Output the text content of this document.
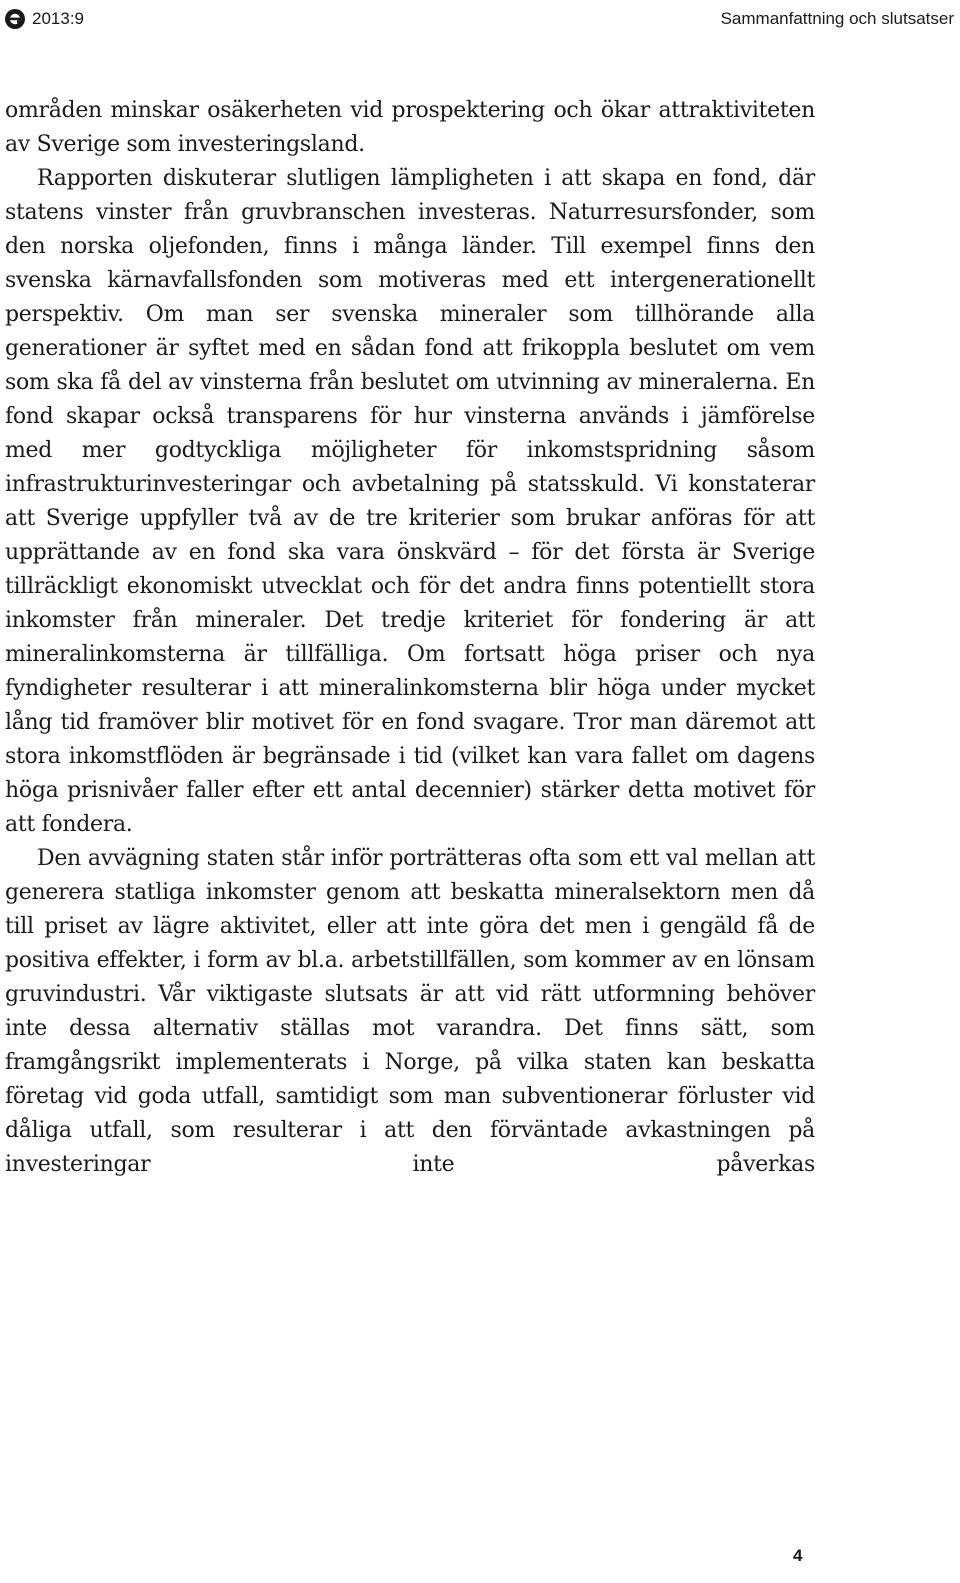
2013:9	Sammanfattning och slutsatser

områden minskar osäkerheten vid prospektering och ökar attraktiviteten av Sverige som investeringsland.

Rapporten diskuterar slutligen lämpligheten i att skapa en fond, där statens vinster från gruvbranschen investeras. Naturresursfonder, som den norska oljefonden, finns i många länder. Till exempel finns den svenska kärnavfallsfonden som motiveras med ett intergenerationellt perspektiv. Om man ser svenska mineraler som tillhörande alla generationer är syftet med en sådan fond att frikoppla beslutet om vem som ska få del av vinsterna från beslutet om utvinning av mineralerna. En fond skapar också transparens för hur vinsterna används i jämförelse med mer godtyckliga möjligheter för inkomstspridning såsom infrastrukturinvesteringar och avbetalning på statsskuld. Vi konstaterar att Sverige uppfyller två av de tre kriterier som brukar anföras för att upprättande av en fond ska vara önskvärd – för det första är Sverige tillräckligt ekonomiskt utvecklat och för det andra finns potentiellt stora inkomster från mineraler. Det tredje kriteriet för fondering är att mineralinkomsterna är tillfälliga. Om fortsatt höga priser och nya fyndigheter resulterar i att mineralinkomsterna blir höga under mycket lång tid framöver blir motivet för en fond svagare. Tror man däremot att stora inkomstflöden är begränsade i tid (vilket kan vara fallet om dagens höga prisnivåer faller efter ett antal decennier) stärker detta motivet för att fondera.

Den avvägning staten står inför porträtteras ofta som ett val mellan att generera statliga inkomster genom att beskatta mineralsektorn men då till priset av lägre aktivitet, eller att inte göra det men i gengäld få de positiva effekter, i form av bl.a. arbetstillfällen, som kommer av en lönsam gruvindustri. Vår viktigaste slutsats är att vid rätt utformning behöver inte dessa alternativ ställas mot varandra. Det finns sätt, som framgångsrikt implementerats i Norge, på vilka staten kan beskatta företag vid goda utfall, samtidigt som man subventionerar förluster vid dåliga utfall, som resulterar i att den förväntade avkastningen på investeringar inte påverkas

4
